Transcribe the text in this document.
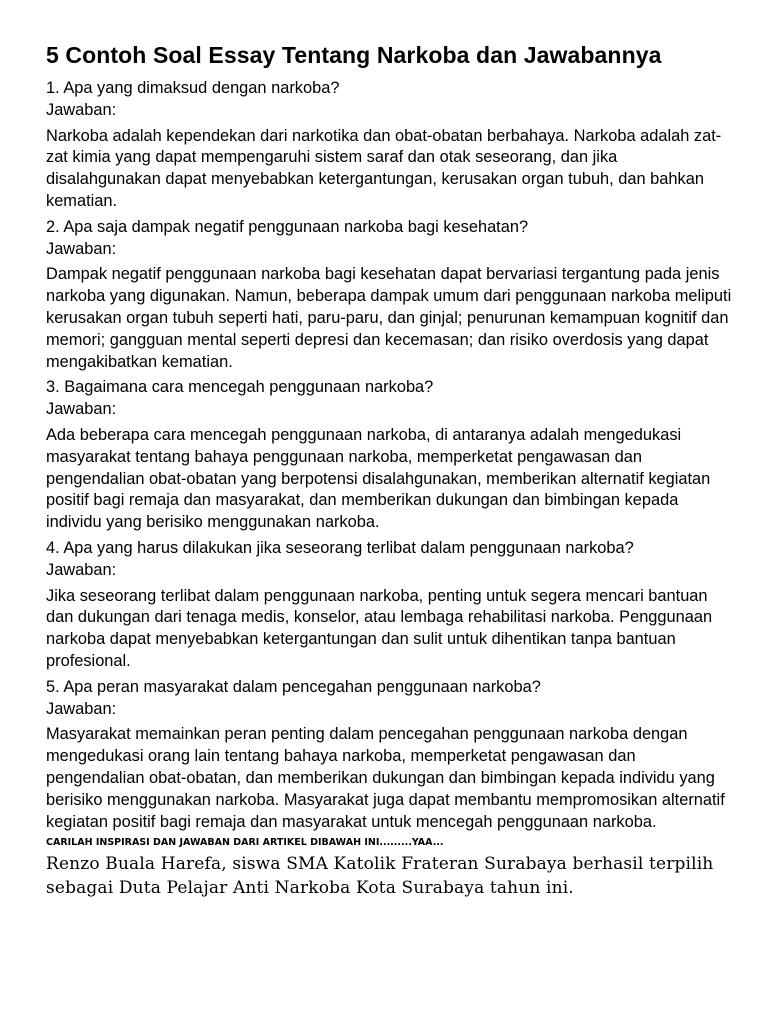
5 Contoh Soal Essay Tentang Narkoba dan Jawabannya

1. Apa yang dimaksud dengan narkoba?

Jawaban:

Narkoba adalah kependekan dari narkotika dan obat-obatan berbahaya. Narkoba adalah zat-zat kimia yang dapat mempengaruhi sistem saraf dan otak seseorang, dan jika disalahgunakan dapat menyebabkan ketergantungan, kerusakan organ tubuh, dan bahkan kematian.

2. Apa saja dampak negatif penggunaan narkoba bagi kesehatan?

Jawaban:

Dampak negatif penggunaan narkoba bagi kesehatan dapat bervariasi tergantung pada jenis narkoba yang digunakan. Namun, beberapa dampak umum dari penggunaan narkoba meliputi kerusakan organ tubuh seperti hati, paru-paru, dan ginjal; penurunan kemampuan kognitif dan memori; gangguan mental seperti depresi dan kecemasan; dan risiko overdosis yang dapat mengakibatkan kematian.

3. Bagaimana cara mencegah penggunaan narkoba?

Jawaban:

Ada beberapa cara mencegah penggunaan narkoba, di antaranya adalah mengedukasi masyarakat tentang bahaya penggunaan narkoba, memperketat pengawasan dan pengendalian obat-obatan yang berpotensi disalahgunakan, memberikan alternatif kegiatan positif bagi remaja dan masyarakat, dan memberikan dukungan dan bimbingan kepada individu yang berisiko menggunakan narkoba.

4. Apa yang harus dilakukan jika seseorang terlibat dalam penggunaan narkoba?

Jawaban:

Jika seseorang terlibat dalam penggunaan narkoba, penting untuk segera mencari bantuan dan dukungan dari tenaga medis, konselor, atau lembaga rehabilitasi narkoba. Penggunaan narkoba dapat menyebabkan ketergantungan dan sulit untuk dihentikan tanpa bantuan profesional.

5. Apa peran masyarakat dalam pencegahan penggunaan narkoba?

Jawaban:

Masyarakat memainkan peran penting dalam pencegahan penggunaan narkoba dengan mengedukasi orang lain tentang bahaya narkoba, memperketat pengawasan dan pengendalian obat-obatan, dan memberikan dukungan dan bimbingan kepada individu yang berisiko menggunakan narkoba. Masyarakat juga dapat membantu mempromosikan alternatif kegiatan positif bagi remaja dan masyarakat untuk mencegah penggunaan narkoba.

CARILAH INSPIRASI DAN JAWABAN DARI ARTIKEL DIBAWAH INI.........YAA...

Renzo Buala Harefa, siswa SMA Katolik Frateran Surabaya berhasil terpilih sebagai Duta Pelajar Anti Narkoba Kota Surabaya tahun ini.
